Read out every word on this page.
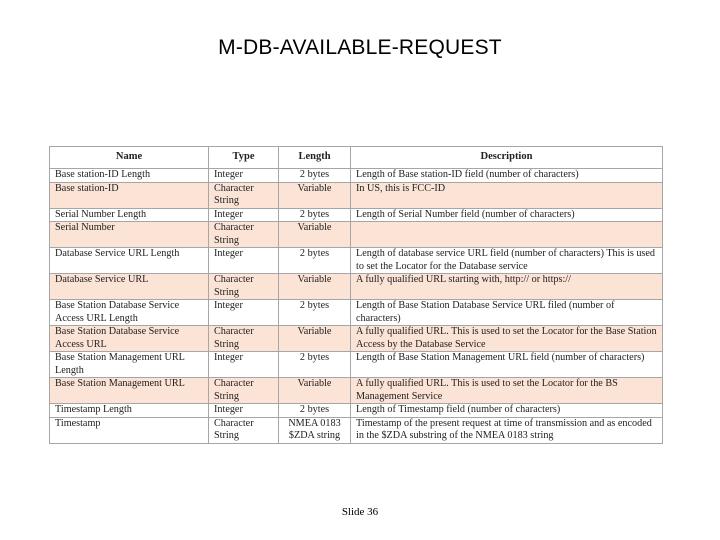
M-DB-AVAILABLE-REQUEST
Name	Type	Length	Description
Base station-ID Length	Integer	2 bytes	Length of Base station-ID field (number of characters)
Base station-ID	Character String	Variable	In US, this is FCC-ID
Serial Number Length	Integer	2 bytes	Length of Serial Number field (number of characters)
Serial Number	Character String	Variable	
Database Service URL Length	Integer	2 bytes	Length of database service URL field (number of characters) This is used to set the Locator for the Database service
Database Service URL	Character String	Variable	A fully qualified URL starting with, http:// or https://
Base Station Database Service Access URL Length	Integer	2 bytes	Length of Base Station Database Service URL filed (number of characters)
Base Station Database Service Access URL	Character String	Variable	A fully qualified URL. This is used to set the Locator for the Base Station Access by the Database Service
Base Station Management URL Length	Integer	2 bytes	Length of Base Station Management URL field (number of characters)
Base Station Management URL	Character String	Variable	A fully qualified URL. This is used to set the Locator for the BS Management Service
Timestamp Length	Integer	2 bytes	Length of Timestamp field (number of characters)
Timestamp	Character String	NMEA 0183 $ZDA string	Timestamp of the present request at time of transmission and as encoded in the $ZDA substring of the NMEA 0183 string
Slide 36
